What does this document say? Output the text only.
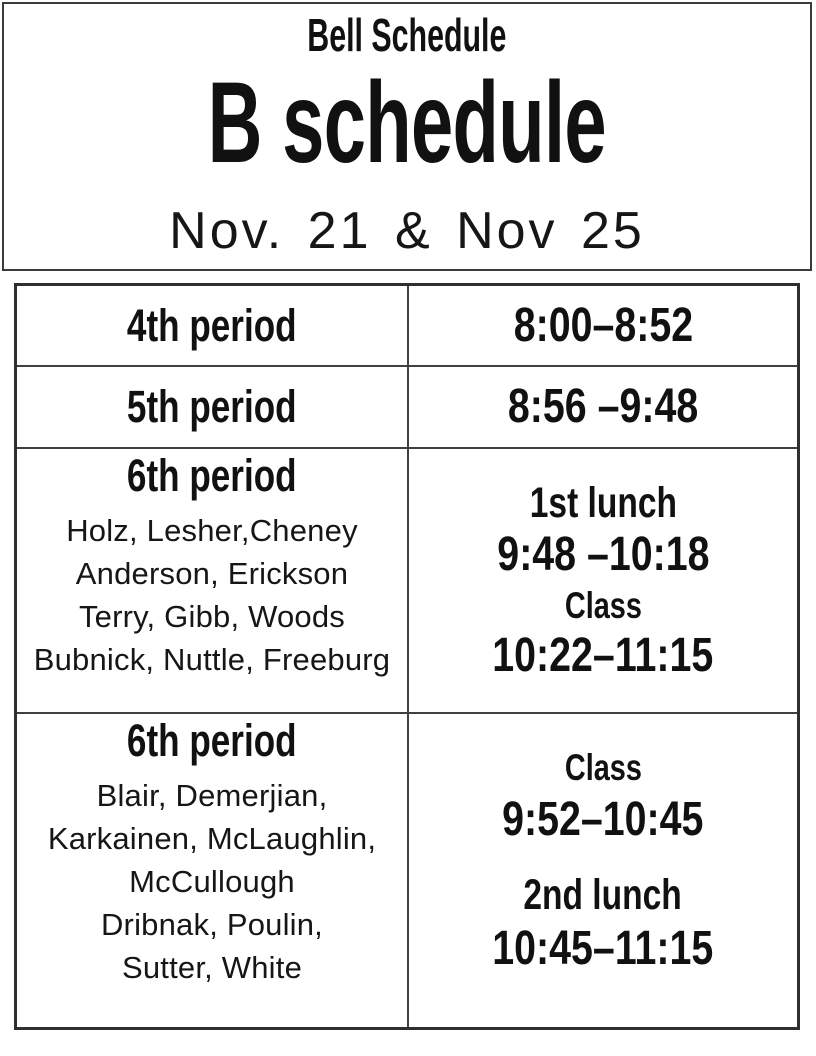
Bell Schedule
B schedule
Nov. 21 & Nov 25
4th period	8:00–8:52
5th period	8:56 –9:48
6th period
Holz, Lesher,Cheney
Anderson, Erickson
Terry, Gibb, Woods
Bubnick, Nuttle, Freeburg
1st lunch
9:48 –10:18
Class
10:22–11:15
6th period
Blair, Demerjian,
Karkainen, McLaughlin,
McCullough
Dribnak, Poulin,
Sutter, White
Class
9:52–10:45
2nd lunch
10:45–11:15
